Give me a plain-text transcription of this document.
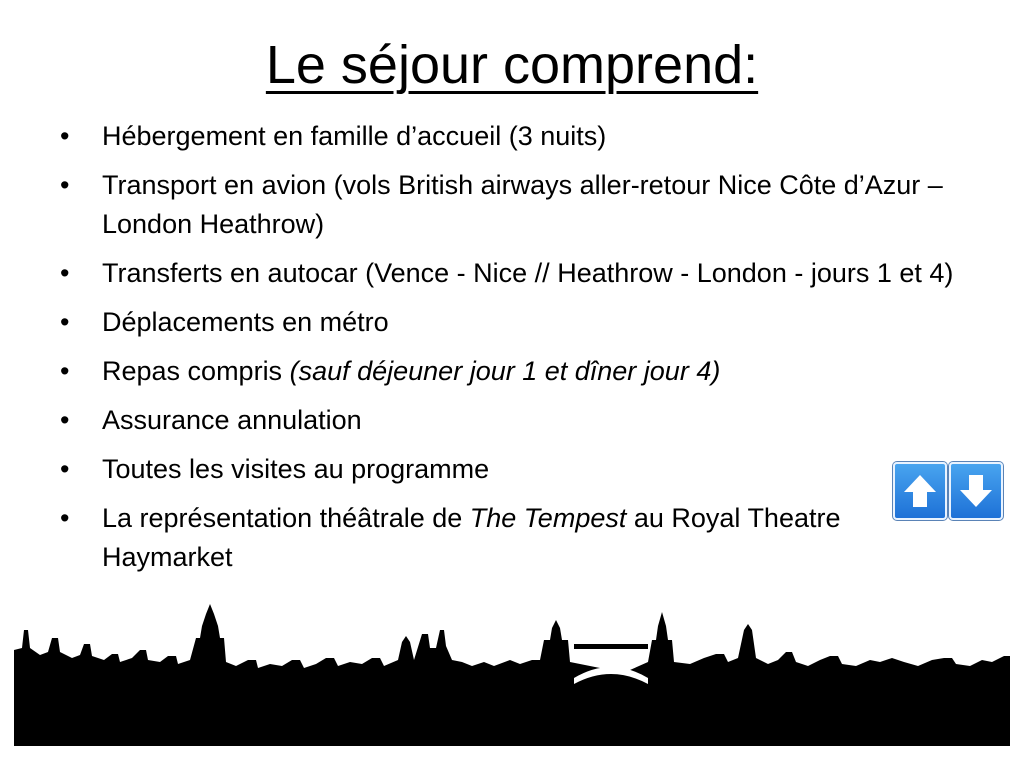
Le séjour comprend:
•	Hébergement en famille d’accueil (3 nuits)
•	Transport en avion (vols British airways aller-retour Nice Côte d’Azur – London Heathrow)
•	Transferts en autocar (Vence - Nice // Heathrow - London - jours 1 et 4)
•	Déplacements en métro
•	Repas compris (sauf déjeuner jour 1 et dîner jour 4)
•	Assurance annulation
•	Toutes les visites au programme
•	La représentation théâtrale de The Tempest au Royal Theatre Haymarket
